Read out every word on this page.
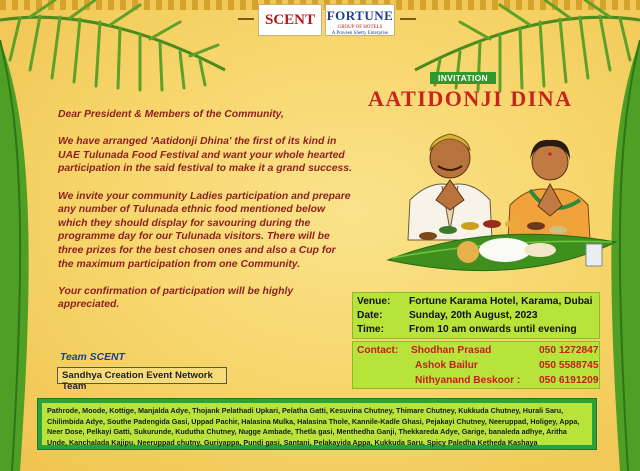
SCENT FORTUNE
GROUP OF HOTELS
A Praveen Shetty Enterprise

Dear President & Members of the Community,

We have arranged 'Aatidonji Dhina' the first of its kind in UAE Tulunada Food Festival and want your whole hearted participation in the said festival to make it a grand success.

We invite your community Ladies participation and prepare any number of Tulunada ethnic food mentioned below which they should display for savouring during the programme day for our Tulunada visitors. There will be three prizes for the best chosen ones and also a Cup for the maximum participation from one Community.

Your confirmation of participation will be highly appreciated.

Team SCENT
Sandhya Creation Event Network Team
INVITATION
AATIDONJI DINA
Venue: Fortune Karama Hotel, Karama, Dubai
Date:	Sunday, 20th August, 2023
Time: From 10 am onwards until evening
Contact: Shodhan Prasad	050 1272847
Ashok Bailur	050 5588745
Nithyanand Beskoor : 050 6191209
Pathrode, Moode, Kottige, Manjalda Adye, Thojank Pelathadi Upkari, Pelatha Gatti, Kesuvina Chutney, Thimare Chutney, Kukkuda Chutney, Hurali Saru, Chilimbida Adye, Southe Padengida Gasi, Uppad Pachir, Halasina Mulka, Halasina Thole, Kannile-Kadle Ghasi, Pejakayi Chutney, Neeruppad, Holigey, Appa, Neer Dose, Pelkayi Gatti, Sukurunde, Kudutha Chutney, Nugge Ambade, Thetla gasi, Menthedha Ganji, Thekkareda Adye, Garige, banaleda adhye, Aritha Unde, Kanchalada Kajipu, Neeruppad chutny, Guriyappa, Pundi gasi, Santani, Pelakayida Appa, Kukkuda Saru, Spicy Paledha Ketheda Kashaya
